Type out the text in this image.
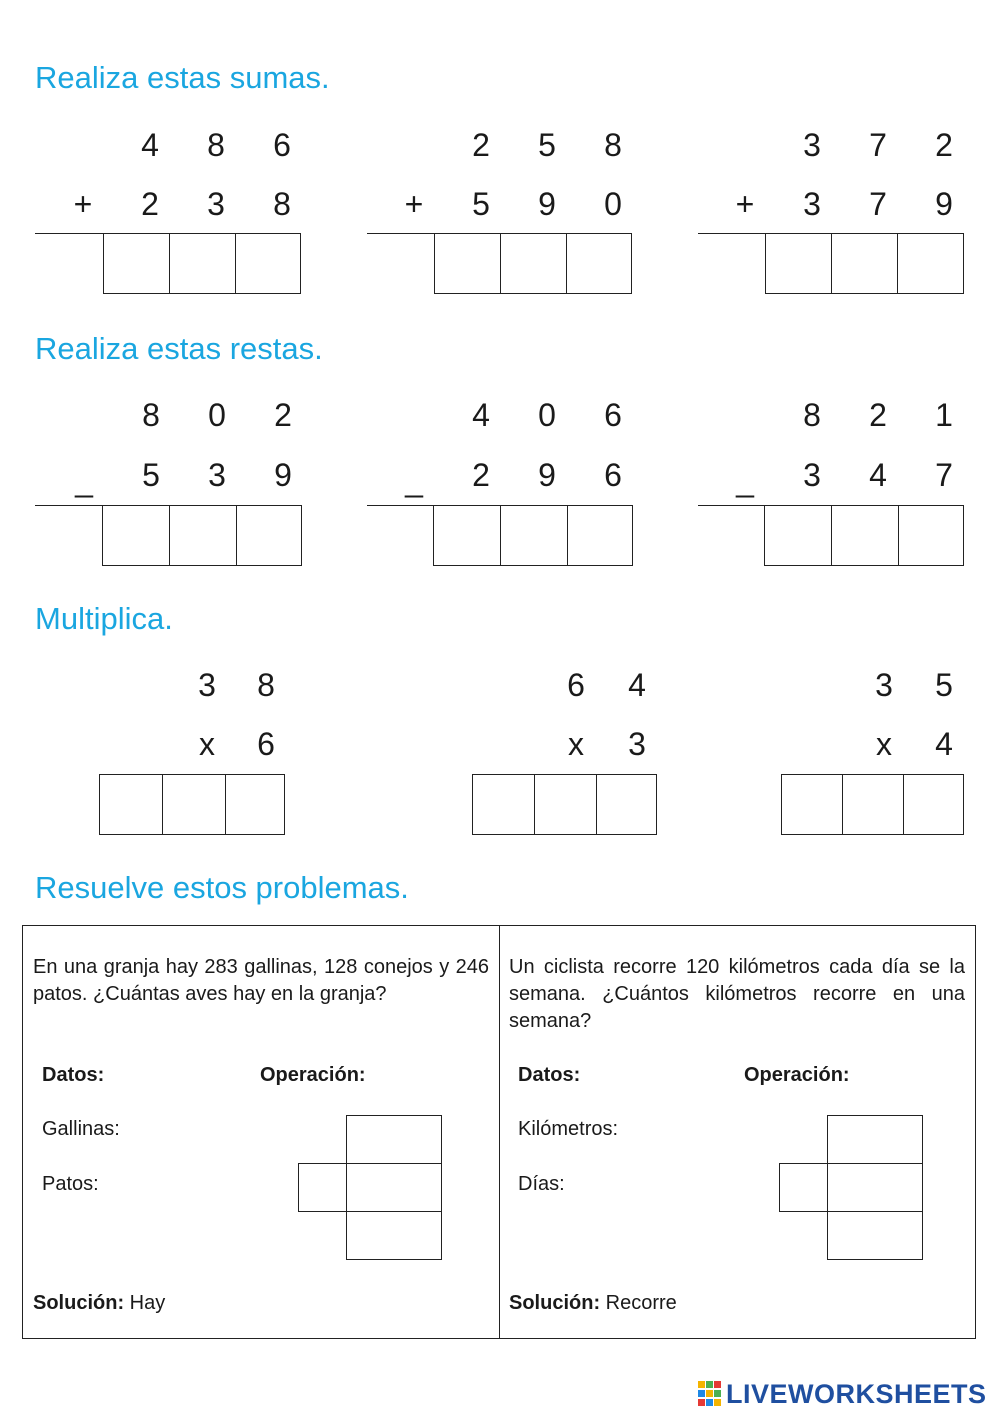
Realiza estas sumas.
Realiza estas restas.
Multiplica.
Resuelve estos problemas.
4	8	6
+	2	3	8
2	5	8
+	5	9	0
3	7	2
+	3	7	9
8	0	2
_	5	3	9
4	0	6
_	2	9	6
8	2	1
_	3	4	7
3	8
x	6
6	4
x	3
3	5
x	4

En una granja hay 283 gallinas, 128 conejos y 246 patos. ¿Cuántas aves hay en la granja?

Datos:	Operación:
Gallinas:
Patos:
Solución: Hay

Un ciclista recorre 120 kilómetros cada día se la semana. ¿Cuántos kilómetros recorre en una semana?

Datos:	Operación:
Kilómetros:
Días:
Solución: Recorre
LIVEWORKSHEETS
